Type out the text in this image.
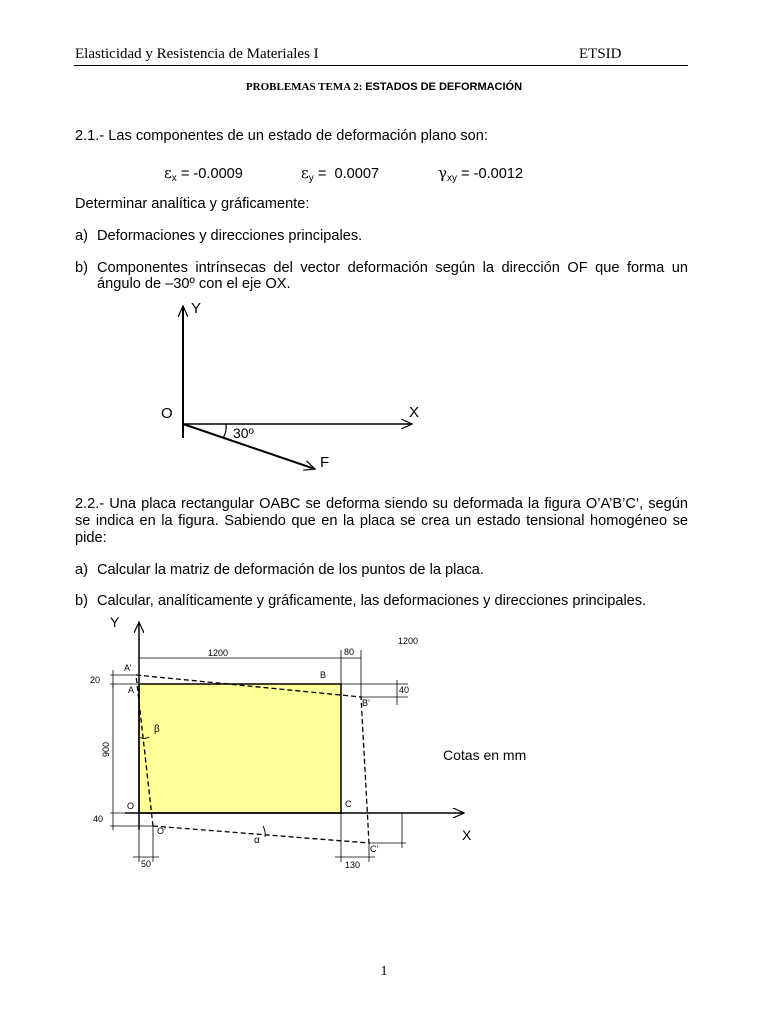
Elasticidad y Resistencia de Materiales I	ETSID
PROBLEMAS TEMA 2: ESTADOS DE DEFORMACIÓN
2.1.- Las componentes de un estado de deformación plano son:
$\varepsilon_x = -0.0009$	$\varepsilon_y = 0.0007$	$\gamma_{xy} = -0.0012$
Determinar analítica y gráficamente:
a) Deformaciones y direcciones principales.
b) Componentes intrínsecas del vector deformación según la dirección OF que forma un
ángulo de –30º con el eje OX.
Y
X
O
F
30º
2.2.- Una placa rectangular OABC se deforma siendo su deformada la figura O’A’B’C’, según
se indica en la figura. Sabiendo que en la placa se crea un estado tensional homogéneo se
pide:
a) Calcular la matriz de deformación de los puntos de la placa.
b) Calcular, analíticamente y gráficamente, las deformaciones y direcciones principales.
1200	80
1200
20
40
900
40
50	130
A’
A
B
B’
O
O’
C
C’
β
α
Y
X
Cotas en mm
1
